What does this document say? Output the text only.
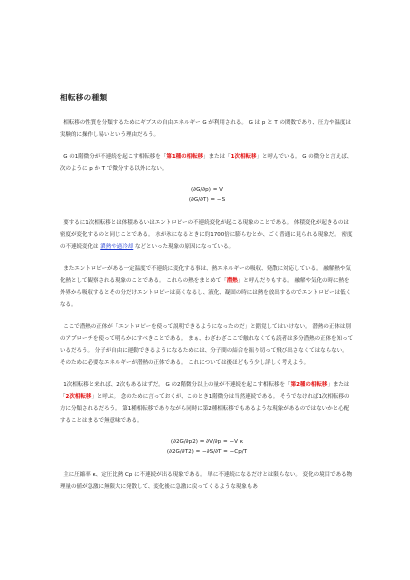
相転移の種類

相転移の性質を分類するためにギブスの自由エネルギー G が利用される。 G は p と T の関数であり、圧力や温度は実験的に操作し易いという理由だろう。

G の1階微分が不連続を起こす相転移を「第1種の相転移」または「1次相転移」と呼んでいる。 G の微分と言えば、次のように p か T で微分する以外にない。

(∂G/∂p) = V
(∂G/∂T) = −S

要するに1次相転移とは体積あるいはエントロピーの不連続変化が起こる現象のことである。 体積変化が起きるのは密度が変化するのと同じことである。 水が氷になるときに約1700倍に膨らむとか、ごく普通に見られる現象だ。 密度の不連続変化は 濃熱や過冷却 などといった現象の原因になっている。

またエントロピーがある一定温度で不連続に変化する事は、熱エネルギーの吸収、発散に対応している。 融解熱や気化熱として観察される現象のことである。 これらの熱をまとめて「潜熱」と呼んだりもする。 融解や気化の時に熱を外界から吸収するとその分だけエントロピーは高くなるし、液化、凝固の時には熱を放出するのでエントロピーは低くなる。

ここで潜熱の正体が「エントロピーを使って説明できるようになったのだ」と錯覚してはいけない。 潜熱の正体は別のアプローチを使って明らかにすべきことである。 まぁ、わざわざここで触れなくても読者は多分潜熱の正体を知っているだろう。 分子が自由に運動できるようになるためには、分子間の結合を振り切って飛び出さなくてはならない。 そのために必要なエネルギーが潜熱の正体である。 これについては後ほどもう少し詳しく考えよう。

1次相転移と来れば、2次もあるはずだ。 G の2階微分以上の量が不連続を起こす相転移を「第2種の相転移」または「2次相転移」と呼ぶ。 念のために言っておくが、このとき1階微分は当然連続である。 そうでなければ1次相転移の方に分類されるだろう。 第1種相転移でありながら同時に第2種相転移でもあるような現象があるのではないかと心配することはまるで無意味である。

(∂2G/∂p2) = ∂V/∂p = −V κ
(∂2G/∂T2) = −∂S/∂T = −Cp/T

主に圧縮率 κ、定圧比熱 Cp に不連続が出る現象である。 単に不連続になるだけとは限らない。 変化の境目である物理量の値が急激に無限大に発散して、変化後に急激に戻ってくるような現象もあ
